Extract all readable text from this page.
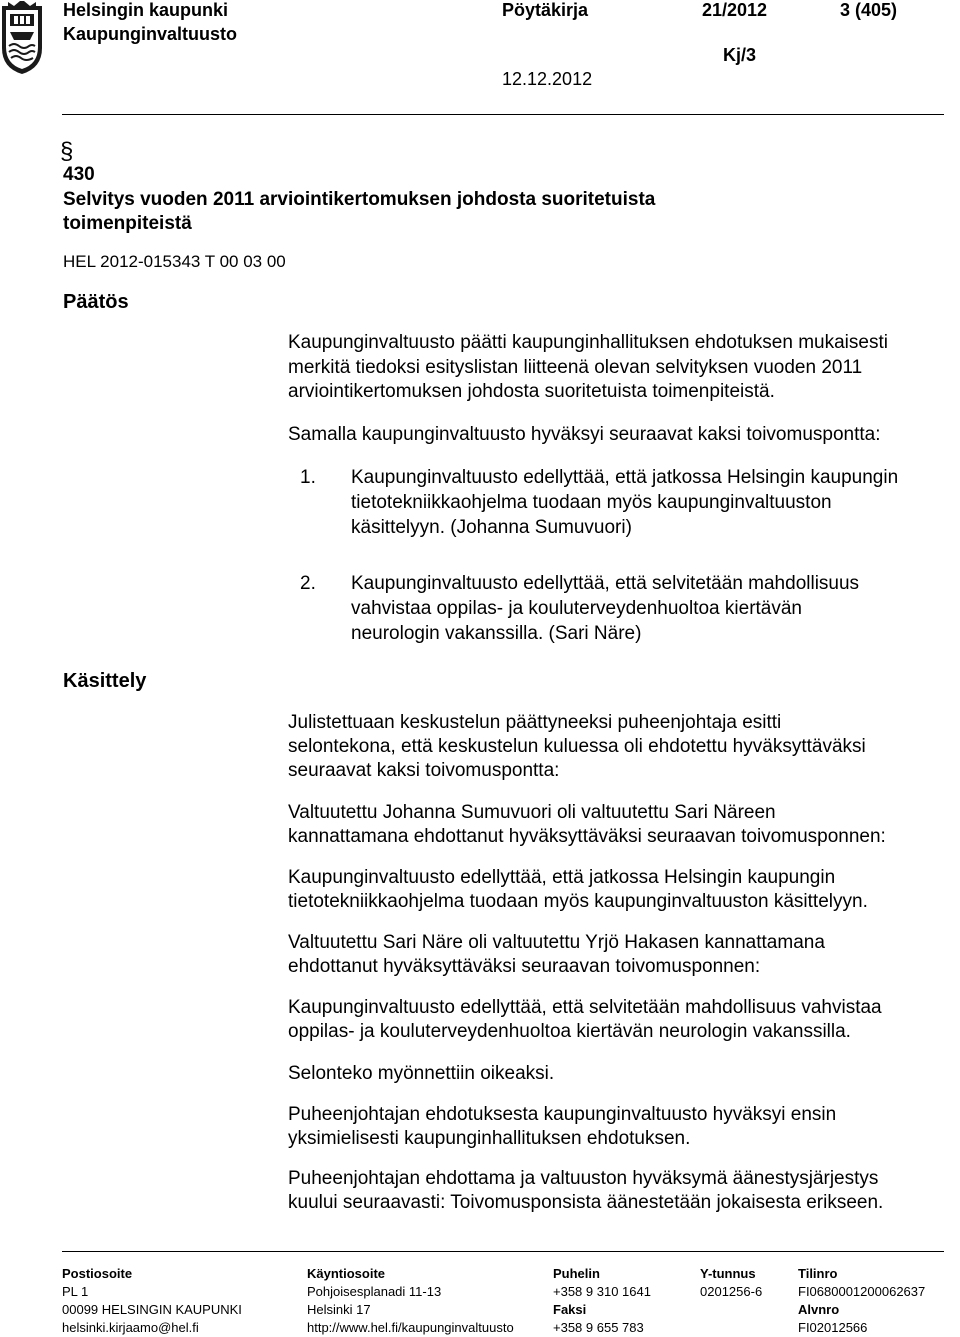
Helsingin kaupunki
Kaupunginvaltuusto
Pöytäkirja	21/2012	3 (405)
Kj/3
12.12.2012
§
430
Selvitys vuoden 2011 arviointikertomuksen johdosta suoritetuista
toimenpiteistä
HEL 2012-015343 T 00 03 00
Päätös
Kaupunginvaltuusto päätti kaupunginhallituksen ehdotuksen mukaisesti
merkitä tiedoksi esityslistan liitteenä olevan selvityksen vuoden 2011
arviointikertomuksen johdosta suoritetuista toimenpiteistä.
Samalla kaupunginvaltuusto hyväksyi seuraavat kaksi toivomuspontta:
1. Kaupunginvaltuusto edellyttää, että jatkossa Helsingin kaupungin
tietotekniikkaohjelma tuodaan myös kaupunginvaltuuston
käsittelyyn. (Johanna Sumuvuori)
2. Kaupunginvaltuusto edellyttää, että selvitetään mahdollisuus
vahvistaa oppilas- ja kouluterveydenhuoltoa kiertävän
neurologin vakanssilla. (Sari Näre)
Käsittely
Julistettuaan keskustelun päättyneeksi puheenjohtaja esitti
selontekona, että keskustelun kuluessa oli ehdotettu hyväksyttäväksi
seuraavat kaksi toivomuspontta:
Valtuutettu Johanna Sumuvuori oli valtuutettu Sari Näreen
kannattamana ehdottanut hyväksyttäväksi seuraavan toivomusponnen:
Kaupunginvaltuusto edellyttää, että jatkossa Helsingin kaupungin
tietotekniikkaohjelma tuodaan myös kaupunginvaltuuston käsittelyyn.
Valtuutettu Sari Näre oli valtuutettu Yrjö Hakasen kannattamana
ehdottanut hyväksyttäväksi seuraavan toivomusponnen:
Kaupunginvaltuusto edellyttää, että selvitetään mahdollisuus vahvistaa
oppilas- ja kouluterveydenhuoltoa kiertävän neurologin vakanssilla.
Selonteko myönnettiin oikeaksi.
Puheenjohtajan ehdotuksesta kaupunginvaltuusto hyväksyi ensin
yksimielisesti kaupunginhallituksen ehdotuksen.
Puheenjohtajan ehdottama ja valtuuston hyväksymä äänestysjärjestys
kuului seuraavasti: Toivomusponsista äänestetään jokaisesta erikseen.
Postiosoite
PL 1
00099 HELSINGIN KAUPUNKI
helsinki.kirjaamo@hel.fi
Käyntiosoite
Pohjoisesplanadi 11-13
Helsinki 17
http://www.hel.fi/kaupunginvaltuusto
Puhelin
+358 9 310 1641
Faksi
+358 9 655 783
Y-tunnus
0201256-6
Tilinro
FI0680001200062637
Alvnro
FI02012566
